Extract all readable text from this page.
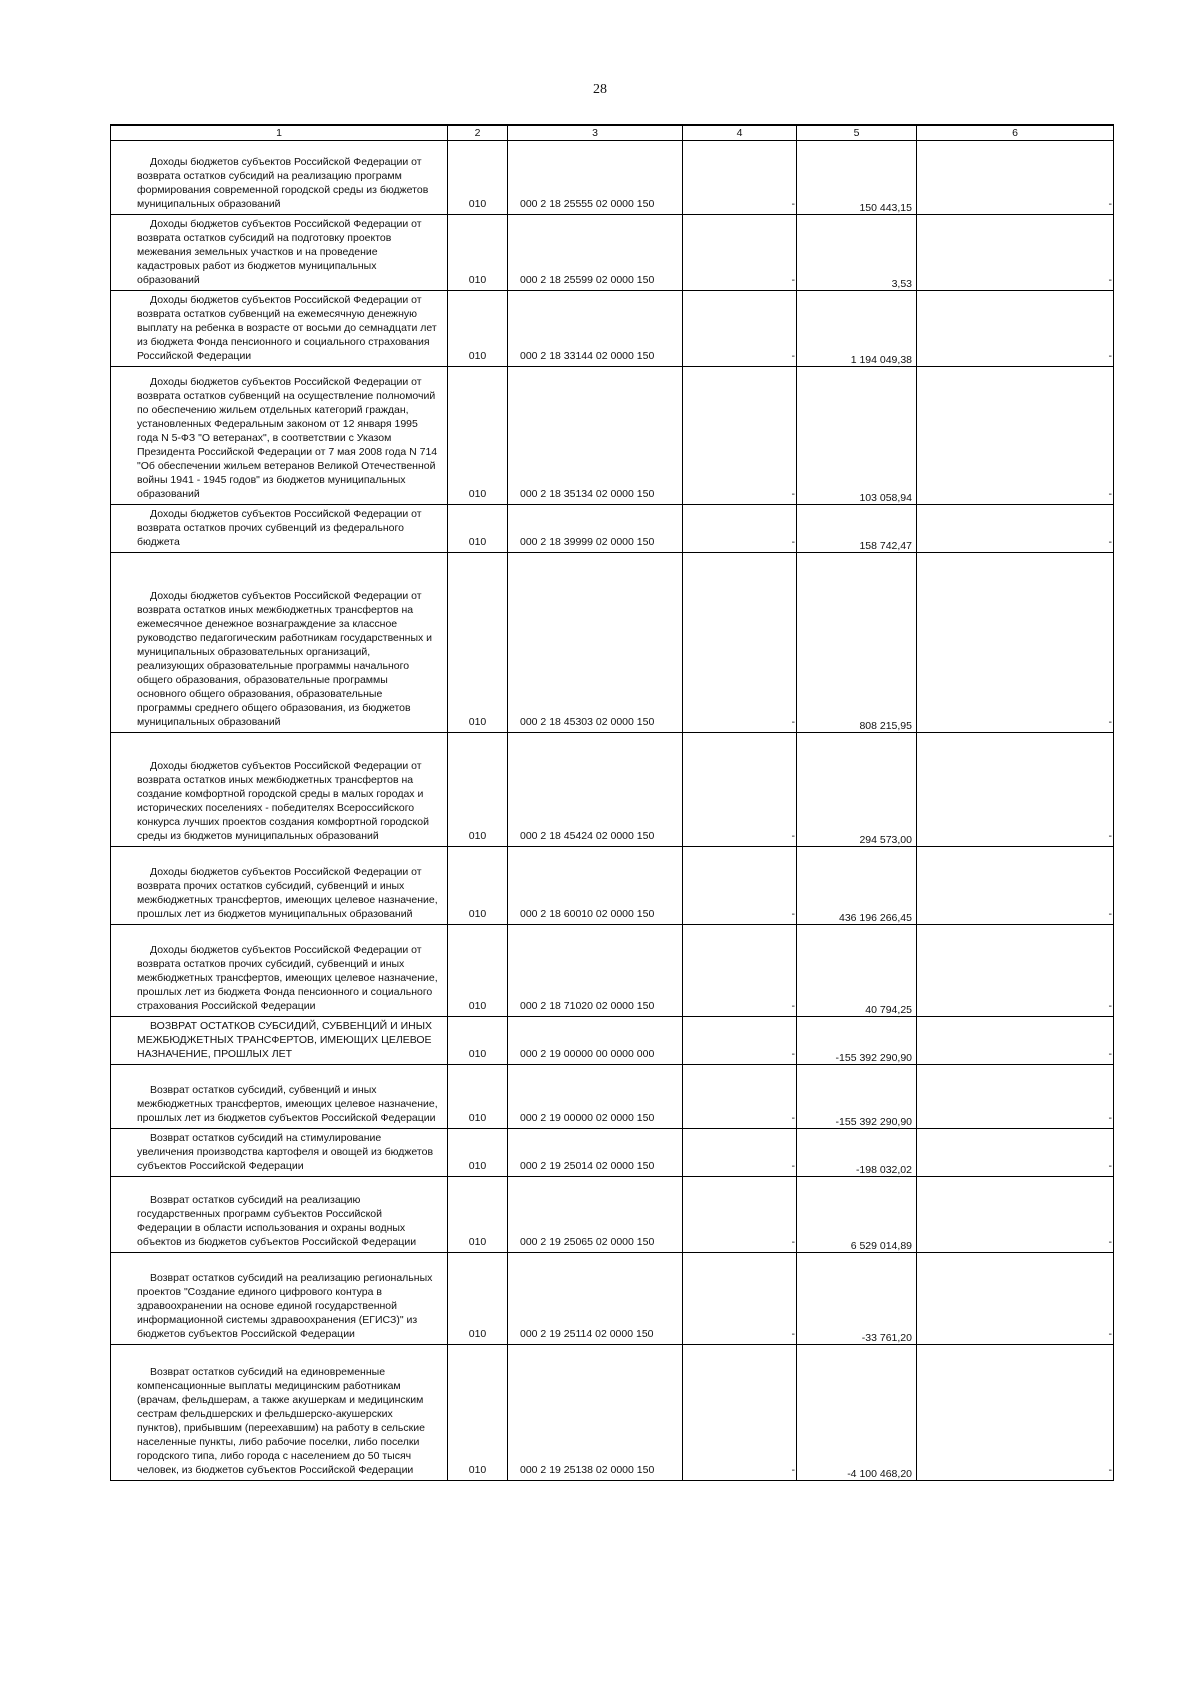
28
1	2	3	4	5	6

Доходы бюджетов субъектов Российской Федерации от возврата остатков субсидий на реализацию программ формирования современной городской среды из бюджетов муниципальных образований	010	000 2 18 25555 02 0000 150	-	150 443,15	-

Доходы бюджетов субъектов Российской Федерации от возврата остатков субсидий на подготовку проектов межевания земельных участков и на проведение кадастровых работ из бюджетов муниципальных образований	010	000 2 18 25599 02 0000 150	-	3,53	-

Доходы бюджетов субъектов Российской Федерации от возврата остатков субвенций на ежемесячную денежную выплату на ребенка в возрасте от восьми до семнадцати лет из бюджета Фонда пенсионного и социального страхования Российской Федерации	010	000 2 18 33144 02 0000 150	-	1 194 049,38	-

Доходы бюджетов субъектов Российской Федерации от возврата остатков субвенций на осуществление полномочий по обеспечению жильем отдельных категорий граждан, установленных Федеральным законом от 12 января 1995 года N 5-ФЗ "О ветеранах", в соответствии с Указом Президента Российской Федерации от 7 мая 2008 года N 714 "Об обеспечении жильем ветеранов Великой Отечественной войны 1941 - 1945 годов" из бюджетов муниципальных образований	010	000 2 18 35134 02 0000 150	-	103 058,94	-

Доходы бюджетов субъектов Российской Федерации от возврата остатков прочих субвенций из федерального бюджета	010	000 2 18 39999 02 0000 150	-	158 742,47	-

Доходы бюджетов субъектов Российской Федерации от возврата остатков иных межбюджетных трансфертов на ежемесячное денежное вознаграждение за классное руководство педагогическим работникам государственных и муниципальных образовательных организаций, реализующих образовательные программы начального общего образования, образовательные программы основного общего образования, образовательные программы среднего общего образования, из бюджетов муниципальных образований	010	000 2 18 45303 02 0000 150	-	808 215,95	-

Доходы бюджетов субъектов Российской Федерации от возврата остатков иных межбюджетных трансфертов на создание комфортной городской среды в малых городах и исторических поселениях - победителях Всероссийского конкурса лучших проектов создания комфортной городской среды из бюджетов муниципальных образований	010	000 2 18 45424 02 0000 150	-	294 573,00	-

Доходы бюджетов субъектов Российской Федерации от возврата прочих остатков субсидий, субвенций и иных межбюджетных трансфертов, имеющих целевое назначение, прошлых лет из бюджетов муниципальных образований	010	000 2 18 60010 02 0000 150	-	436 196 266,45	-

Доходы бюджетов субъектов Российской Федерации от возврата остатков прочих субсидий, субвенций и иных межбюджетных трансфертов, имеющих целевое назначение, прошлых лет из бюджета Фонда пенсионного и социального страхования Российской Федерации	010	000 2 18 71020 02 0000 150	-	40 794,25	-

ВОЗВРАТ ОСТАТКОВ СУБСИДИЙ, СУБВЕНЦИЙ И ИНЫХ МЕЖБЮДЖЕТНЫХ ТРАНСФЕРТОВ, ИМЕЮЩИХ ЦЕЛЕВОЕ НАЗНАЧЕНИЕ, ПРОШЛЫХ ЛЕТ	010	000 2 19 00000 00 0000 000	-	-155 392 290,90	-

Возврат остатков субсидий, субвенций и иных межбюджетных трансфертов, имеющих целевое назначение, прошлых лет из бюджетов субъектов Российской Федерации	010	000 2 19 00000 02 0000 150	-	-155 392 290,90	-

Возврат остатков субсидий на стимулирование увеличения производства картофеля и овощей из бюджетов субъектов Российской Федерации	010	000 2 19 25014 02 0000 150	-	-198 032,02	-

Возврат остатков субсидий на реализацию государственных программ субъектов Российской Федерации в области использования и охраны водных объектов из бюджетов субъектов Российской Федерации	010	000 2 19 25065 02 0000 150	-	6 529 014,89	-

Возврат остатков субсидий на реализацию региональных проектов "Создание единого цифрового контура в здравоохранении на основе единой государственной информационной системы здравоохранения (ЕГИСЗ)" из бюджетов субъектов Российской Федерации	010	000 2 19 25114 02 0000 150	-	-33 761,20	-

Возврат остатков субсидий на единовременные компенсационные выплаты медицинским работникам (врачам, фельдшерам, а также акушеркам и медицинским сестрам фельдшерских и фельдшерско-акушерских пунктов), прибывшим (переехавшим) на работу в сельские населенные пункты, либо рабочие поселки, либо поселки городского типа, либо города с населением до 50 тысяч человек, из бюджетов субъектов Российской Федерации	010	000 2 19 25138 02 0000 150	-	-4 100 468,20	-
